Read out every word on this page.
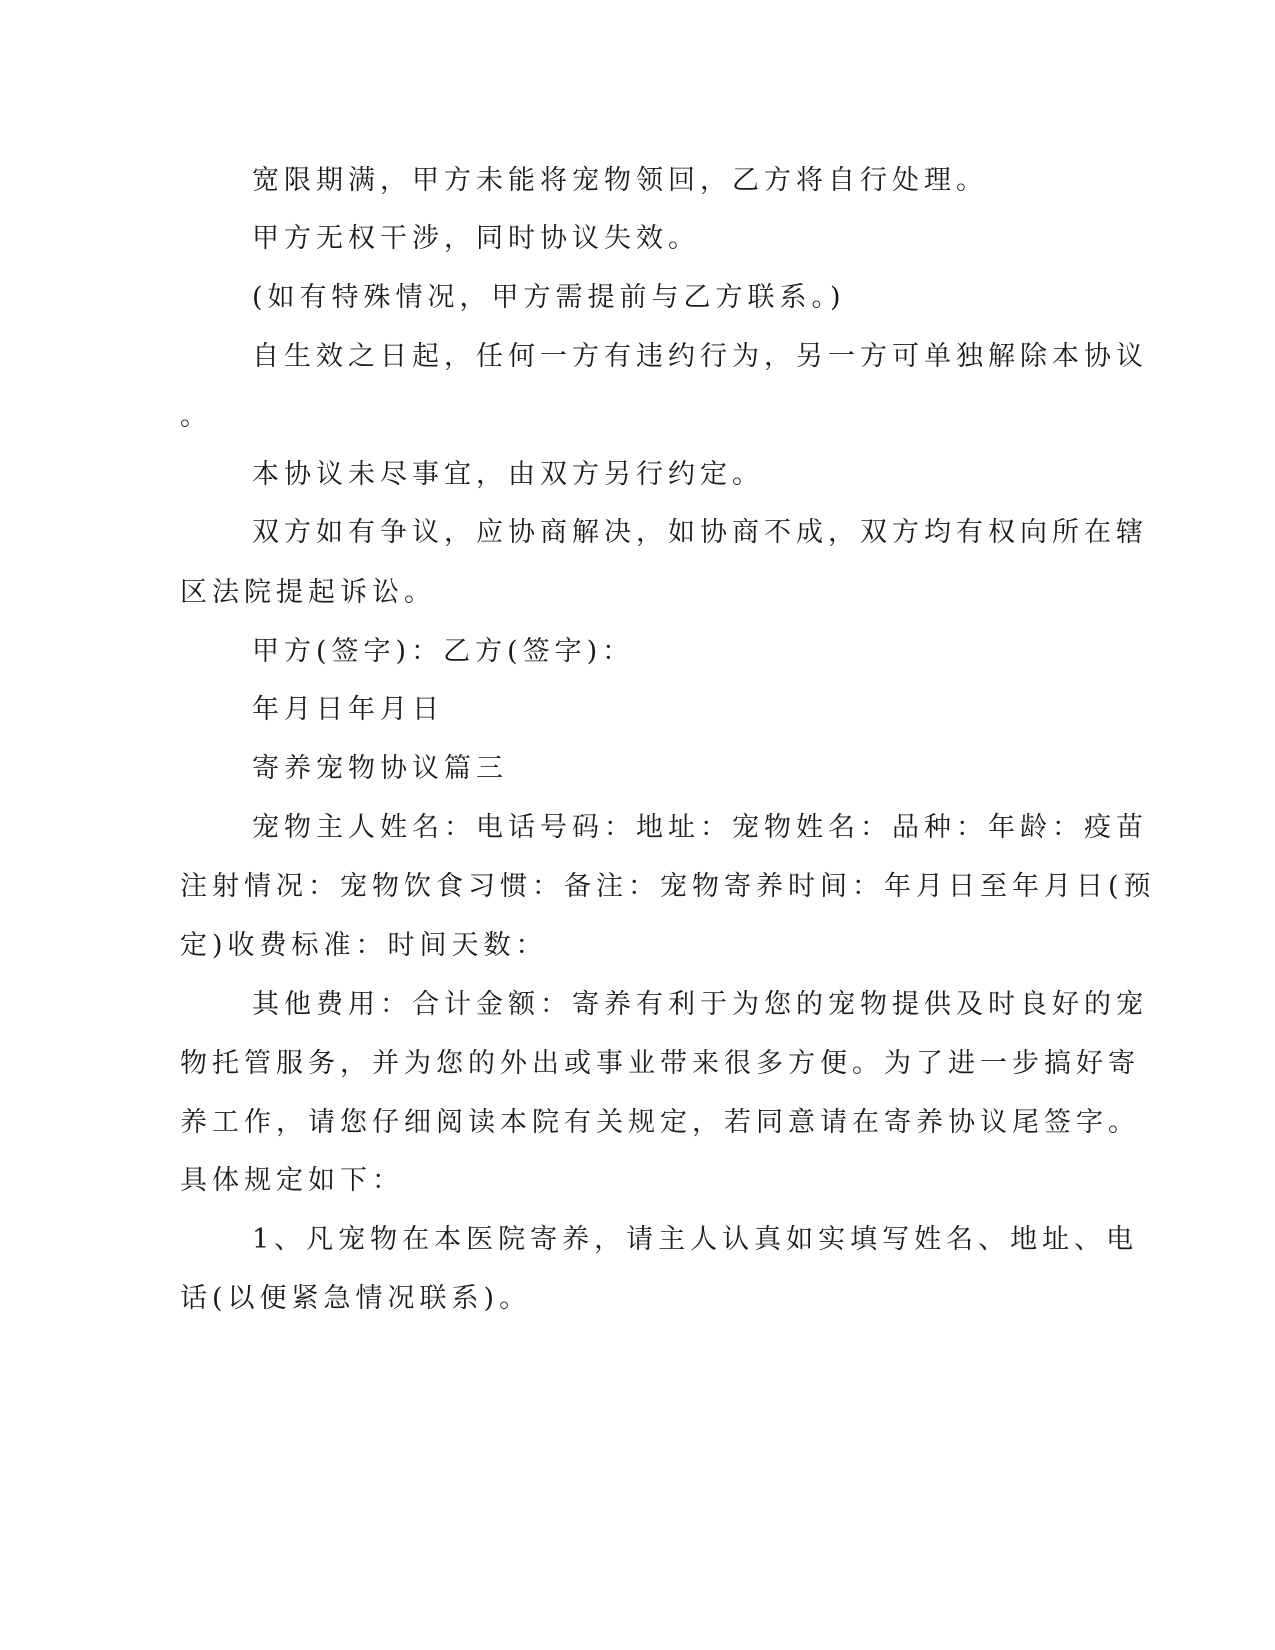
宽限期满，甲方未能将宠物领回，乙方将自行处理。

甲方无权干涉，同时协议失效。

(如有特殊情况，甲方需提前与乙方联系。)

自生效之日起，任何一方有违约行为，另一方可单独解除本协议

。

本协议未尽事宜，由双方另行约定。

双方如有争议，应协商解决，如协商不成，双方均有权向所在辖

区法院提起诉讼。

甲方(签字)：乙方(签字)：

年月日年月日

寄养宠物协议篇三

宠物主人姓名：电话号码：地址：宠物姓名：品种：年龄：疫苗

注射情况：宠物饮食习惯：备注：宠物寄养时间：年月日至年月日(预

定)收费标准：时间天数：

其他费用：合计金额：寄养有利于为您的宠物提供及时良好的宠

物托管服务，并为您的外出或事业带来很多方便。为了进一步搞好寄

养工作，请您仔细阅读本院有关规定，若同意请在寄养协议尾签字。

具体规定如下：

1、凡宠物在本医院寄养，请主人认真如实填写姓名、地址、电

话(以便紧急情况联系)。
